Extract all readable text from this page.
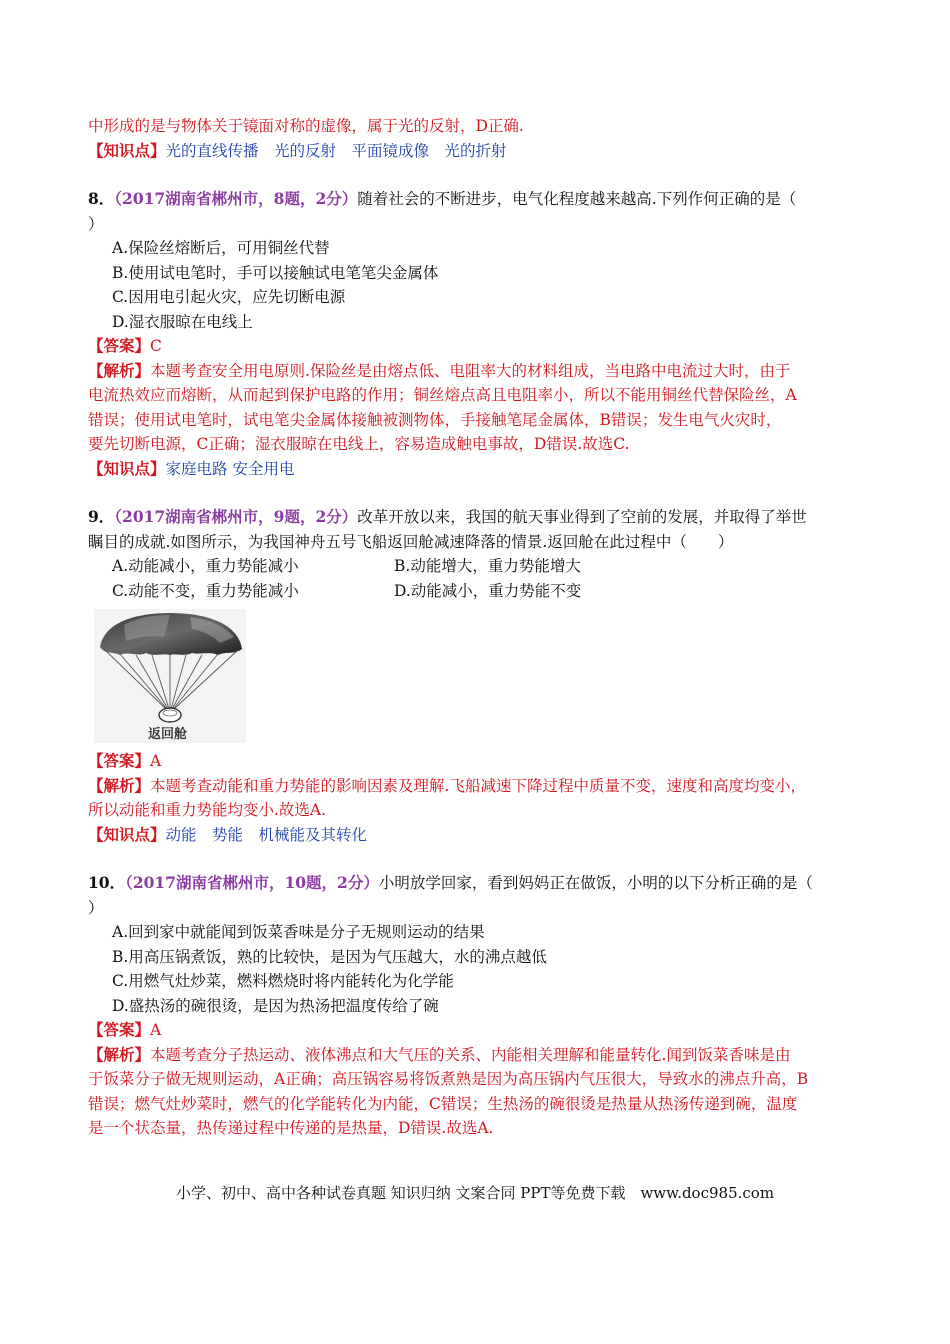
中形成的是与物体关于镜面对称的虚像，属于光的反射，D正确.
【知识点】光的直线传播　光的反射　平面镜成像　光的折射
8．（2017湖南省郴州市，8题，2分）随着社会的不断进步，电气化程度越来越高.下列作何正确的是（
）
A.保险丝熔断后，可用铜丝代替
B.使用试电笔时，手可以接触试电笔笔尖金属体
C.因用电引起火灾，应先切断电源
D.湿衣服晾在电线上
【答案】C
【解析】本题考查安全用电原则.保险丝是由熔点低、电阻率大的材料组成，当电路中电流过大时，由于
电流热效应而熔断，从而起到保护电路的作用；铜丝熔点高且电阻率小，所以不能用铜丝代替保险丝，A
错误；使用试电笔时，试电笔尖金属体接触被测物体，手接触笔尾金属体，B错误；发生电气火灾时，
要先切断电源，C正确；湿衣服晾在电线上，容易造成触电事故，D错误.故选C.
【知识点】家庭电路 安全用电
9．（2017湖南省郴州市，9题，2分）改革开放以来，我国的航天事业得到了空前的发展，并取得了举世
瞩目的成就.如图所示，为我国神舟五号飞船返回舱减速降落的情景.返回舱在此过程中（　　）
A.动能减小，重力势能减小	B.动能增大，重力势能增大
C.动能不变，重力势能减小	D.动能减小，重力势能不变
返回舱
【答案】A
【解析】本题考查动能和重力势能的影响因素及理解.飞船减速下降过程中质量不变，速度和高度均变小，
所以动能和重力势能均变小.故选A.
【知识点】动能　势能　机械能及其转化
10．（2017湖南省郴州市，10题，2分）小明放学回家，看到妈妈正在做饭，小明的以下分析正确的是（
）
A.回到家中就能闻到饭菜香味是分子无规则运动的结果
B.用高压锅煮饭，熟的比较快，是因为气压越大，水的沸点越低
C.用燃气灶炒菜，燃料燃烧时将内能转化为化学能
D.盛热汤的碗很烫，是因为热汤把温度传给了碗
【答案】A
【解析】本题考查分子热运动、液体沸点和大气压的关系、内能相关理解和能量转化.闻到饭菜香味是由
于饭菜分子做无规则运动，A正确；高压锅容易将饭煮熟是因为高压锅内气压很大，导致水的沸点升高，B
错误；燃气灶炒菜时，燃气的化学能转化为内能，C错误；生热汤的碗很烫是热量从热汤传递到碗，温度
是一个状态量，热传递过程中传递的是热量，D错误.故选A.
小学、初中、高中各种试卷真题 知识归纳 文案合同 PPT等免费下载　www.doc985.com
